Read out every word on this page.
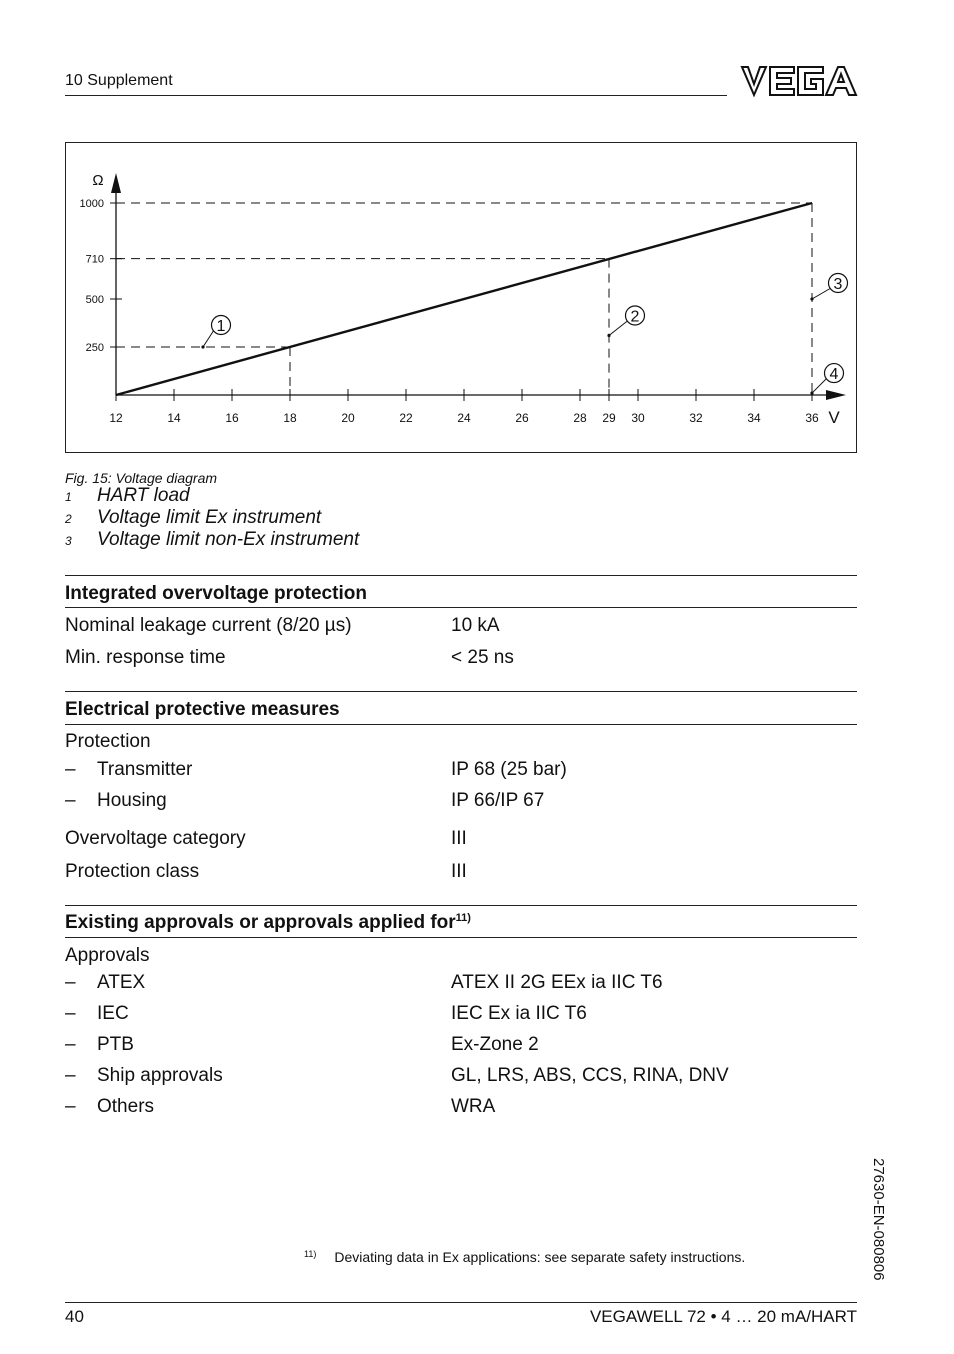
10 Supplement
Ω
V
12	14	16	18	20	22	24	26	28 29 30	32	34	36
250
500
710
1000
1
2
3
4
Fig. 15: Voltage diagram
1 HART load
2 Voltage limit Ex instrument
3 Voltage limit non-Ex instrument
Integrated overvoltage protection
Nominal leakage current (8/20 µs)	10 kA
Min. response time	< 25 ns
Electrical protective measures
Protection
– Transmitter	IP 68 (25 bar)
– Housing	IP 66/IP 67
Overvoltage category	III
Protection class	III
Existing approvals or approvals applied for$^{11)}$
Approvals
– ATEX	ATEX II 2G EEx ia IIC T6
– IEC	IEC Ex ia IIC T6
– PTB	Ex-Zone 2
– Ship approvals	GL, LRS, ABS, CCS, RINA, DNV
– Others	WRA
$^{11)}$ Deviating data in Ex applications: see separate safety instructions.	27630-EN-080806
40	VEGAWELL 72 • 4 … 20 mA/HART
